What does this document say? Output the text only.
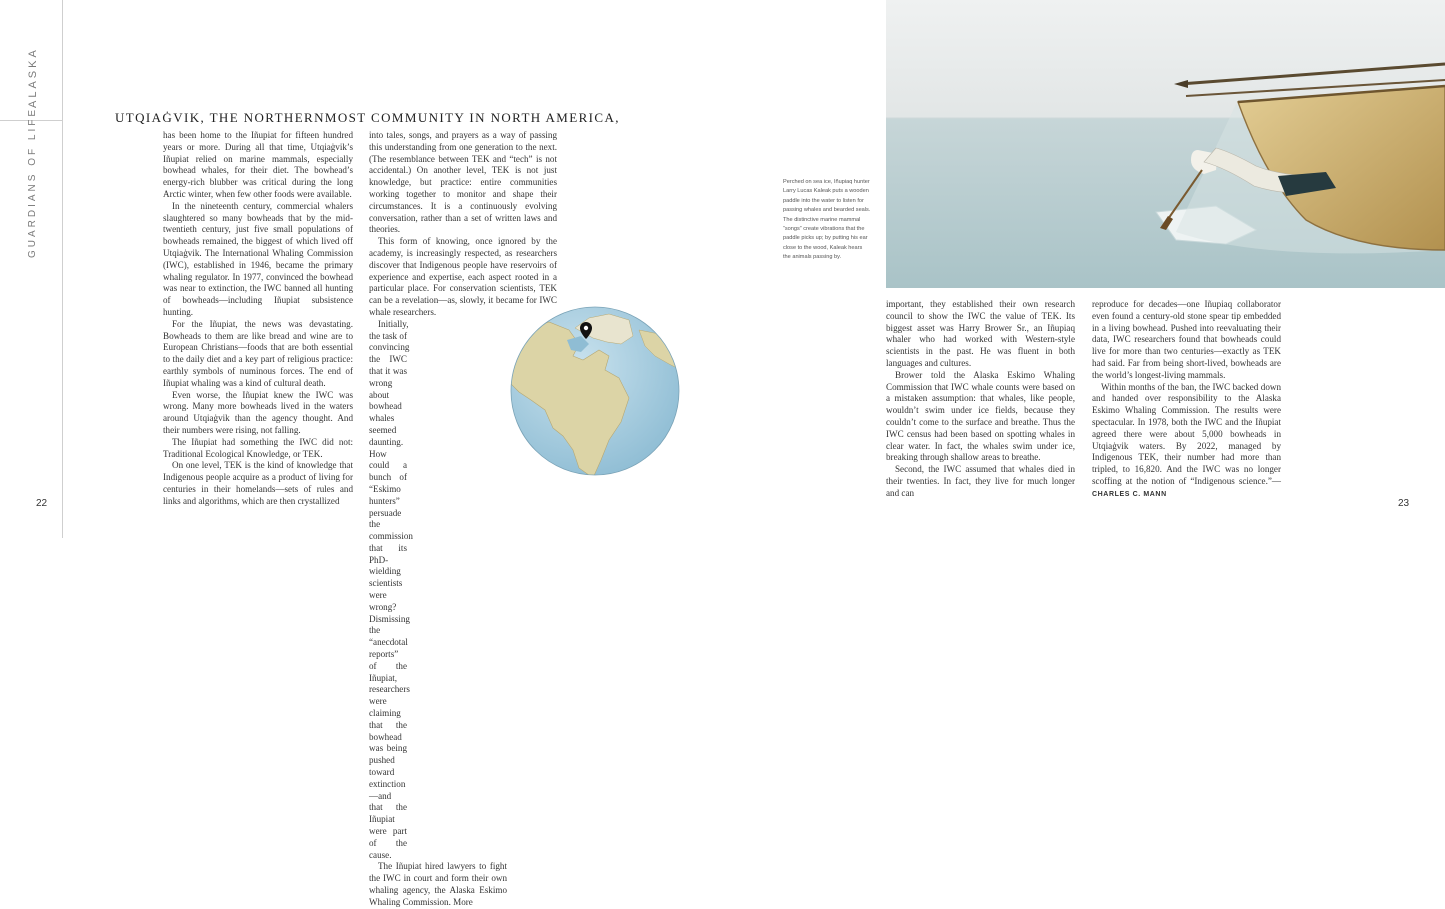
ALASKA
GUARDIANS OF LIFE
22	23
UTQIAĠVIK, THE NORTHERNMOST COMMUNITY IN NORTH AMERICA,

has been home to the Iñupiat for fifteen hundred years or more. During all that time, Utqiaġvik’s Iñupiat relied on marine mammals, especially bowhead whales, for their diet. The bowhead’s energy-rich blubber was critical during the long Arctic winter, when few other foods were available.

In the nineteenth century, commercial whalers slaughtered so many bowheads that by the mid-twentieth century, just five small populations of bowheads remained, the biggest of which lived off Utqiaġvik. The International Whaling Commission (IWC), established in 1946, became the primary whaling regulator. In 1977, convinced the bowhead was near to extinction, the IWC banned all hunting of bowheads—including Iñupiat subsistence hunting.

For the Iñupiat, the news was devastating. Bowheads to them are like bread and wine are to European Christians—foods that are both essential to the daily diet and a key part of religious practice: earthly symbols of numinous forces. The end of Iñupiat whaling was a kind of cultural death.

Even worse, the Iñupiat knew the IWC was wrong. Many more bowheads lived in the waters around Utqiaġvik than the agency thought. And their numbers were rising, not falling.

The Iñupiat had something the IWC did not: Traditional Ecological Knowledge, or TEK.

On one level, TEK is the kind of knowledge that Indigenous people acquire as a product of living for centuries in their homelands—sets of rules and links and algorithms, which are then crystallized

into tales, songs, and prayers as a way of passing this understanding from one generation to the next. (The resemblance between TEK and “tech” is not accidental.) On another level, TEK is not just knowledge, but practice: entire communities working together to monitor and shape their circumstances. It is a continuously evolving conversation, rather than a set of written laws and theories.

This form of knowing, once ignored by the academy, is increasingly respected, as researchers discover that Indigenous people have reservoirs of experience and expertise, each aspect rooted in a particular place. For conservation scientists, TEK can be a revelation—as, slowly, it became for IWC whale researchers.

Initially, the task of convincing the IWC that it was wrong about bowhead whales seemed daunting. How could a bunch of “Eskimo hunters” persuade the commission that its PhD-wielding scientists were wrong? Dismissing the “anecdotal reports” of the Iñupiat, researchers were claiming that the bowhead was being pushed toward extinction—and that the Iñupiat were part of the cause.

The Iñupiat hired lawyers to fight the IWC in court and form their own whaling agency, the Alaska Eskimo Whaling Commission. More

Perched on sea ice, Iñupiaq hunter Larry Lucas Kaleak puts a wooden paddle into the water to listen for passing whales and bearded seals. The distinctive marine mammal “songs” create vibrations that the paddle picks up; by putting his ear close to the wood, Kaleak hears the animals passing by.

important, they established their own research council to show the IWC the value of TEK. Its biggest asset was Harry Brower Sr., an Iñupiaq whaler who had worked with Western-style scientists in the past. He was fluent in both languages and cultures.

Brower told the Alaska Eskimo Whaling Commission that IWC whale counts were based on a mistaken assumption: that whales, like people, wouldn’t swim under ice fields, because they couldn’t come to the surface and breathe. Thus the IWC census had been based on spotting whales in clear water. In fact, the whales swim under ice, breaking through shallow areas to breathe.

Second, the IWC assumed that whales died in their twenties. In fact, they live for much longer and can

reproduce for decades—one Iñupiaq collaborator even found a century-old stone spear tip embedded in a living bowhead. Pushed into reevaluating their data, IWC researchers found that bowheads could live for more than two centuries—exactly as TEK had said. Far from being short-lived, bowheads are the world’s longest-living mammals.

Within months of the ban, the IWC backed down and handed over responsibility to the Alaska Eskimo Whaling Commission. The results were spectacular. In 1978, both the IWC and the Iñupiat agreed there were about 5,000 bowheads in Utqiaġvik waters. By 2022, managed by Indigenous TEK, their number had more than tripled, to 16,820. And the IWC was no longer scoffing at the notion of “Indigenous science.”—CHARLES C. MANN
